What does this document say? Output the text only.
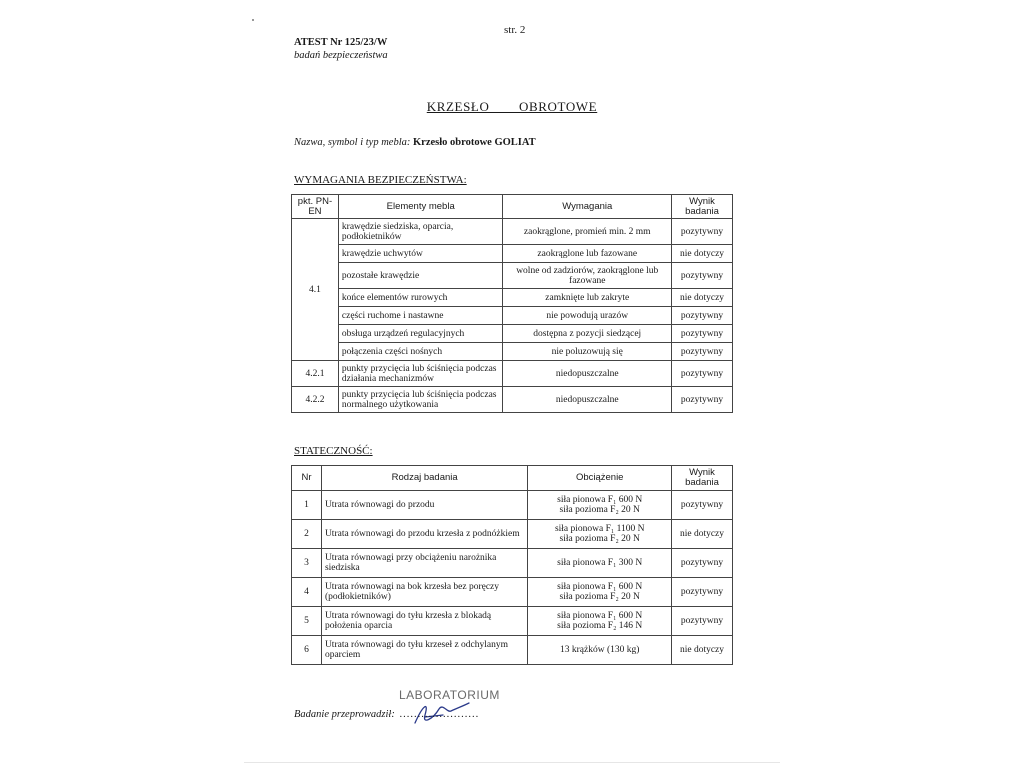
str. 2
ATEST Nr 125/23/W
badań bezpieczeństwa
KRZESŁO   OBROTOWE
Nazwa, symbol i typ mebla: Krzesło obrotowe GOLIAT
WYMAGANIA BEZPIECZEŃSTWA:
pkt. PN-EN	Elementy mebla	Wymagania	Wynik badania
4.1	krawędzie siedziska, oparcia, podłokietników	zaokrąglone, promień min. 2 mm	pozytywny
	krawędzie uchwytów	zaokrąglone lub fazowane	nie dotyczy
	pozostałe krawędzie	wolne od zadziorów, zaokrąglone lub fazowane	pozytywny
	końce elementów rurowych	zamknięte lub zakryte	nie dotyczy
	części ruchome i nastawne	nie powodują urazów	pozytywny
	obsługa urządzeń regulacyjnych	dostępna z pozycji siedzącej	pozytywny
	połączenia części nośnych	nie poluzowują się	pozytywny
4.2.1	punkty przycięcia lub ściśnięcia podczas działania mechanizmów	niedopuszczalne	pozytywny
4.2.2	punkty przycięcia lub ściśnięcia podczas normalnego użytkowania	niedopuszczalne	pozytywny
STATECZNOŚĆ:
Nr	Rodzaj badania	Obciążenie	Wynik badania
1	Utrata równowagi do przodu	siła pionowa F₁ 600 N
siła pozioma F₂ 20 N	pozytywny
2	Utrata równowagi do przodu krzesła z podnóżkiem	siła pionowa F₁ 1100 N
siła pozioma F₂ 20 N	nie dotyczy
3	Utrata równowagi przy obciążeniu narożnika siedziska	siła pionowa F₁ 300 N	pozytywny
4	Utrata równowagi na bok krzesła bez poręczy (podłokietników)	siła pionowa F₁ 600 N
siła pozioma F₂ 20 N	pozytywny
5	Utrata równowagi do tyłu krzesła z blokadą położenia oparcia	siła pionowa F₁ 600 N
siła pozioma F₂ 146 N	pozytywny
6	Utrata równowagi do tyłu krzeseł z odchylanym oparciem	13 krążków (130 kg)	nie dotyczy
LABORATORIUM
Badanie przeprowadził: ......................
